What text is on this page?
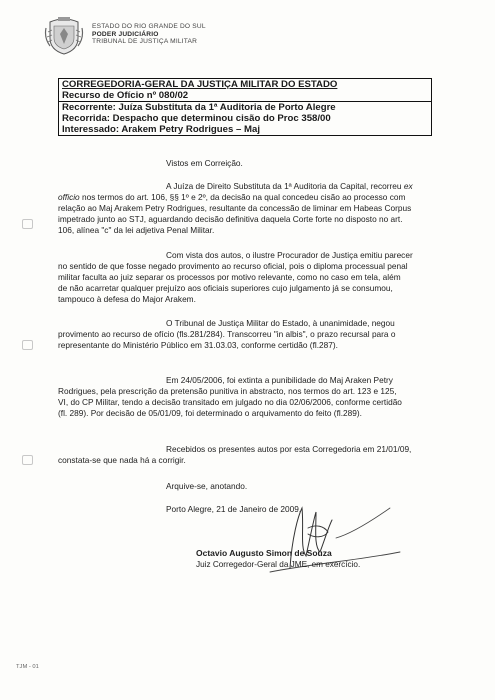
ESTADO DO RIO GRANDE DO SUL
PODER JUDICIÁRIO
TRIBUNAL DE JUSTIÇA MILITAR
CORREGEDORIA-GERAL DA JUSTIÇA MILITAR DO ESTADO
Recurso de Ofício nº 080/02
Recorrente: Juíza Substituta da 1ª Auditoria de Porto Alegre
Recorrida: Despacho que determinou cisão do Proc 358/00
Interessado: Arakem Petry Rodrigues – Maj
Vistos em Correição.
A Juíza de Direito Substituta da 1ª Auditoria da Capital, recorreu ex
officio nos termos do art. 106, §§ 1º e 2º, da decisão na qual concedeu cisão ao processo com
relação ao Maj Arakem Petry Rodrigues, resultante da concessão de liminar em Habeas Corpus
impetrado junto ao STJ, aguardando decisão definitiva daquela Corte forte no disposto no art.
106, alínea "c" da lei adjetiva Penal Militar.
Com vista dos autos, o ilustre Procurador de Justiça emitiu parecer
no sentido de que fosse negado provimento ao recurso oficial, pois o diploma processual penal
militar faculta ao juiz separar os processos por motivo relevante, como no caso em tela, além
de não acarretar qualquer prejuízo aos oficiais superiores cujo julgamento já se consumou,
tampouco à defesa do Major Arakem.
O Tribunal de Justiça Militar do Estado, à unanimidade, negou
provimento ao recurso de ofício (fls.281/284). Transcorreu "in albis", o prazo recursal para o
representante do Ministério Público em 31.03.03, conforme certidão (fl.287).
Em 24/05/2006, foi extinta a punibilidade do Maj Araken Petry
Rodrigues, pela prescrição da pretensão punitiva in abstracto, nos termos do art. 123 e 125,
VI, do CP Militar, tendo a decisão transitado em julgado no dia 02/06/2006, conforme certidão
(fl. 289). Por decisão de 05/01/09, foi determinado o arquivamento do feito (fl.289).
Recebidos os presentes autos por esta Corregedoria em 21/01/09,
constata-se que nada há a corrigir.
Arquive-se, anotando.
Porto Alegre, 21 de Janeiro de 2009.
Octavio Augusto Simon de Souza
Juiz Corregedor-Geral da JME, em exercício.
TJM - 01
